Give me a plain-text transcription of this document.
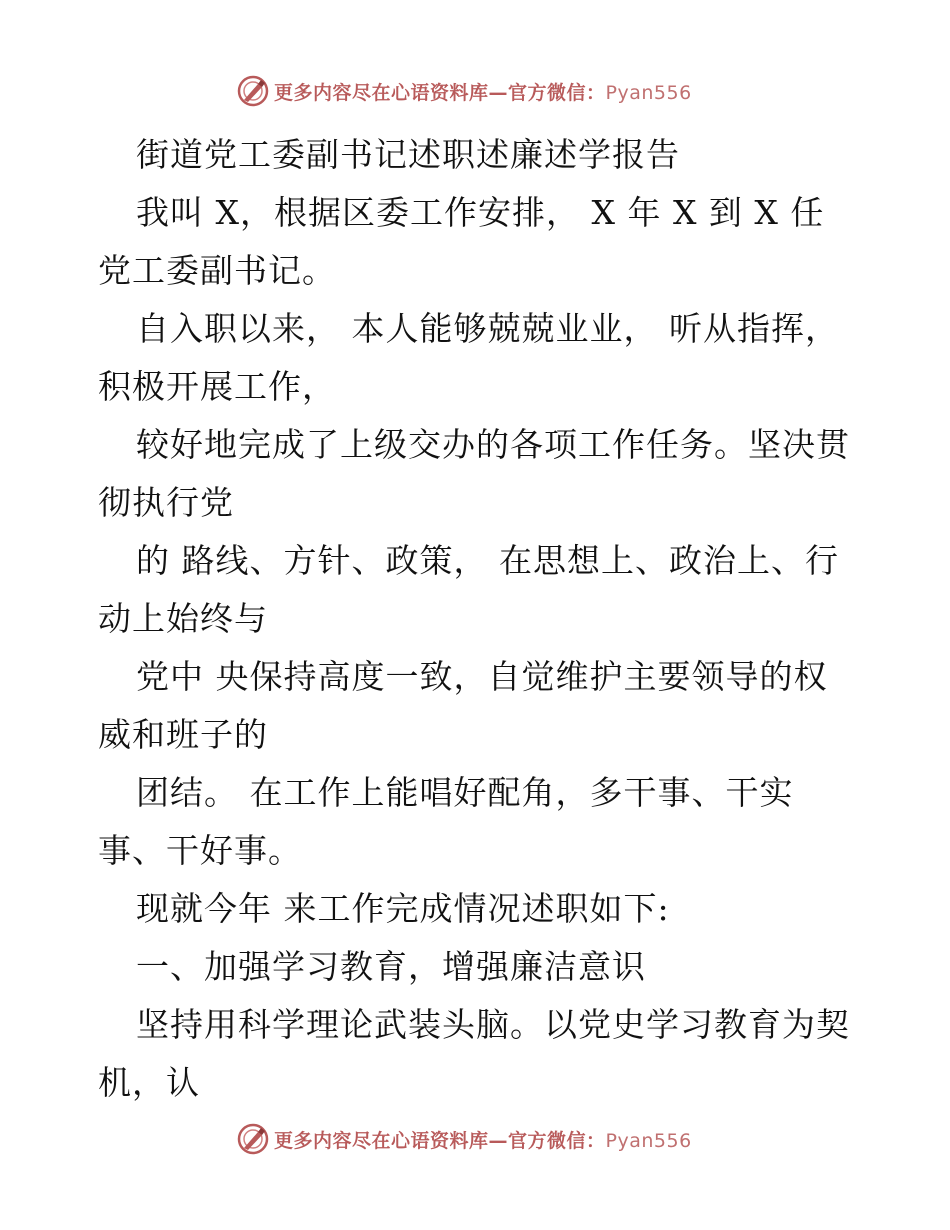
更多内容尽在心语资料库—官方微信：Pyan556
街道党工委副书记述职述廉述学报告
我叫 X，根据区委工作安排， X 年 X 到 X 任
党工委副书记。
自入职以来， 本人能够兢兢业业， 听从指挥，
积极开展工作，
较好地完成了上级交办的各项工作任务。坚决贯
彻执行党
的 路线、方针、政策， 在思想上、政治上、行
动上始终与
党中 央保持高度一致，自觉维护主要领导的权
威和班子的
团结。 在工作上能唱好配角，多干事、干实
事、干好事。
现就今年 来工作完成情况述职如下:
一、加强学习教育，增强廉洁意识
坚持用科学理论武装头脑。以党史学习教育为契
机，认
更多内容尽在心语资料库—官方微信：Pyan556
